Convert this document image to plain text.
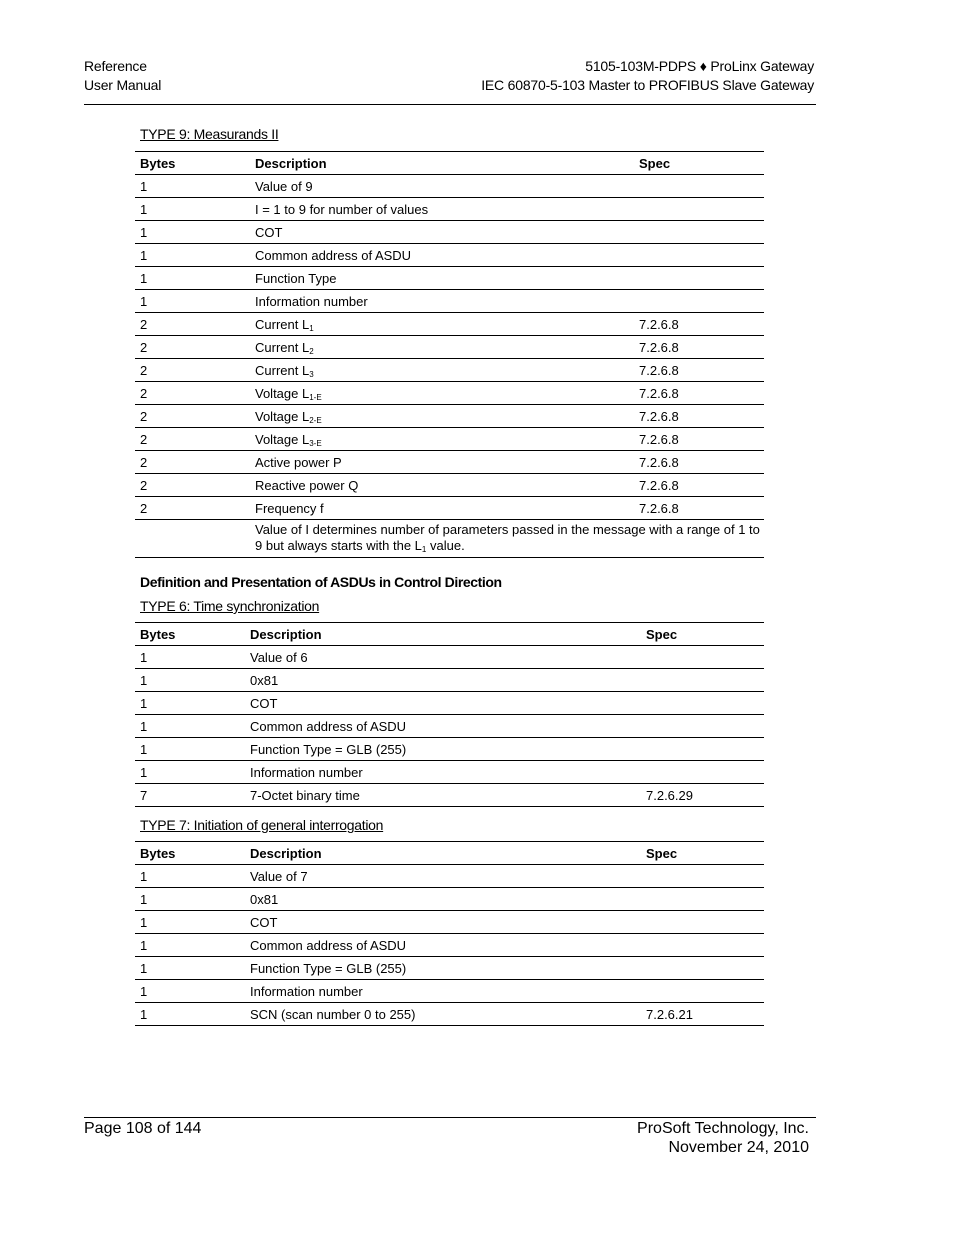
Reference
User Manual
5105-103M-PDPS ♦ ProLinx Gateway
IEC 60870-5-103 Master to PROFIBUS Slave Gateway
TYPE 9: Measurands II
Bytes	Description	Spec
1	Value of 9	
1	I = 1 to 9 for number of values	
1	COT	
1	Common address of ASDU	
1	Function Type	
1	Information number	
2	Current $L_1$	7.2.6.8
2	Current $L_2$	7.2.6.8
2	Current $L_3$	7.2.6.8
2	Voltage $L_{1-E}$	7.2.6.8
2	Voltage $L_{2-E}$	7.2.6.8
2	Voltage $L_{3-E}$	7.2.6.8
2	Active power P	7.2.6.8
2	Reactive power Q	7.2.6.8
2	Frequency f	7.2.6.8
	Value of I determines number of parameters passed in the message with a range of 1 to 9 but always starts with the $L_1$ value.	
Definition and Presentation of ASDUs in Control Direction
TYPE 6: Time synchronization
Bytes	Description	Spec
1	Value of 6	
1	0x81	
1	COT	
1	Common address of ASDU	
1	Function Type = GLB (255)	
1	Information number	
7	7-Octet binary time	7.2.6.29
TYPE 7: Initiation of general interrogation
Bytes	Description	Spec
1	Value of 7	
1	0x81	
1	COT	
1	Common address of ASDU	
1	Function Type = GLB (255)	
1	Information number	
1	SCN (scan number 0 to 255)	7.2.6.21
Page 108 of 144	ProSoft Technology, Inc.
November 24, 2010
